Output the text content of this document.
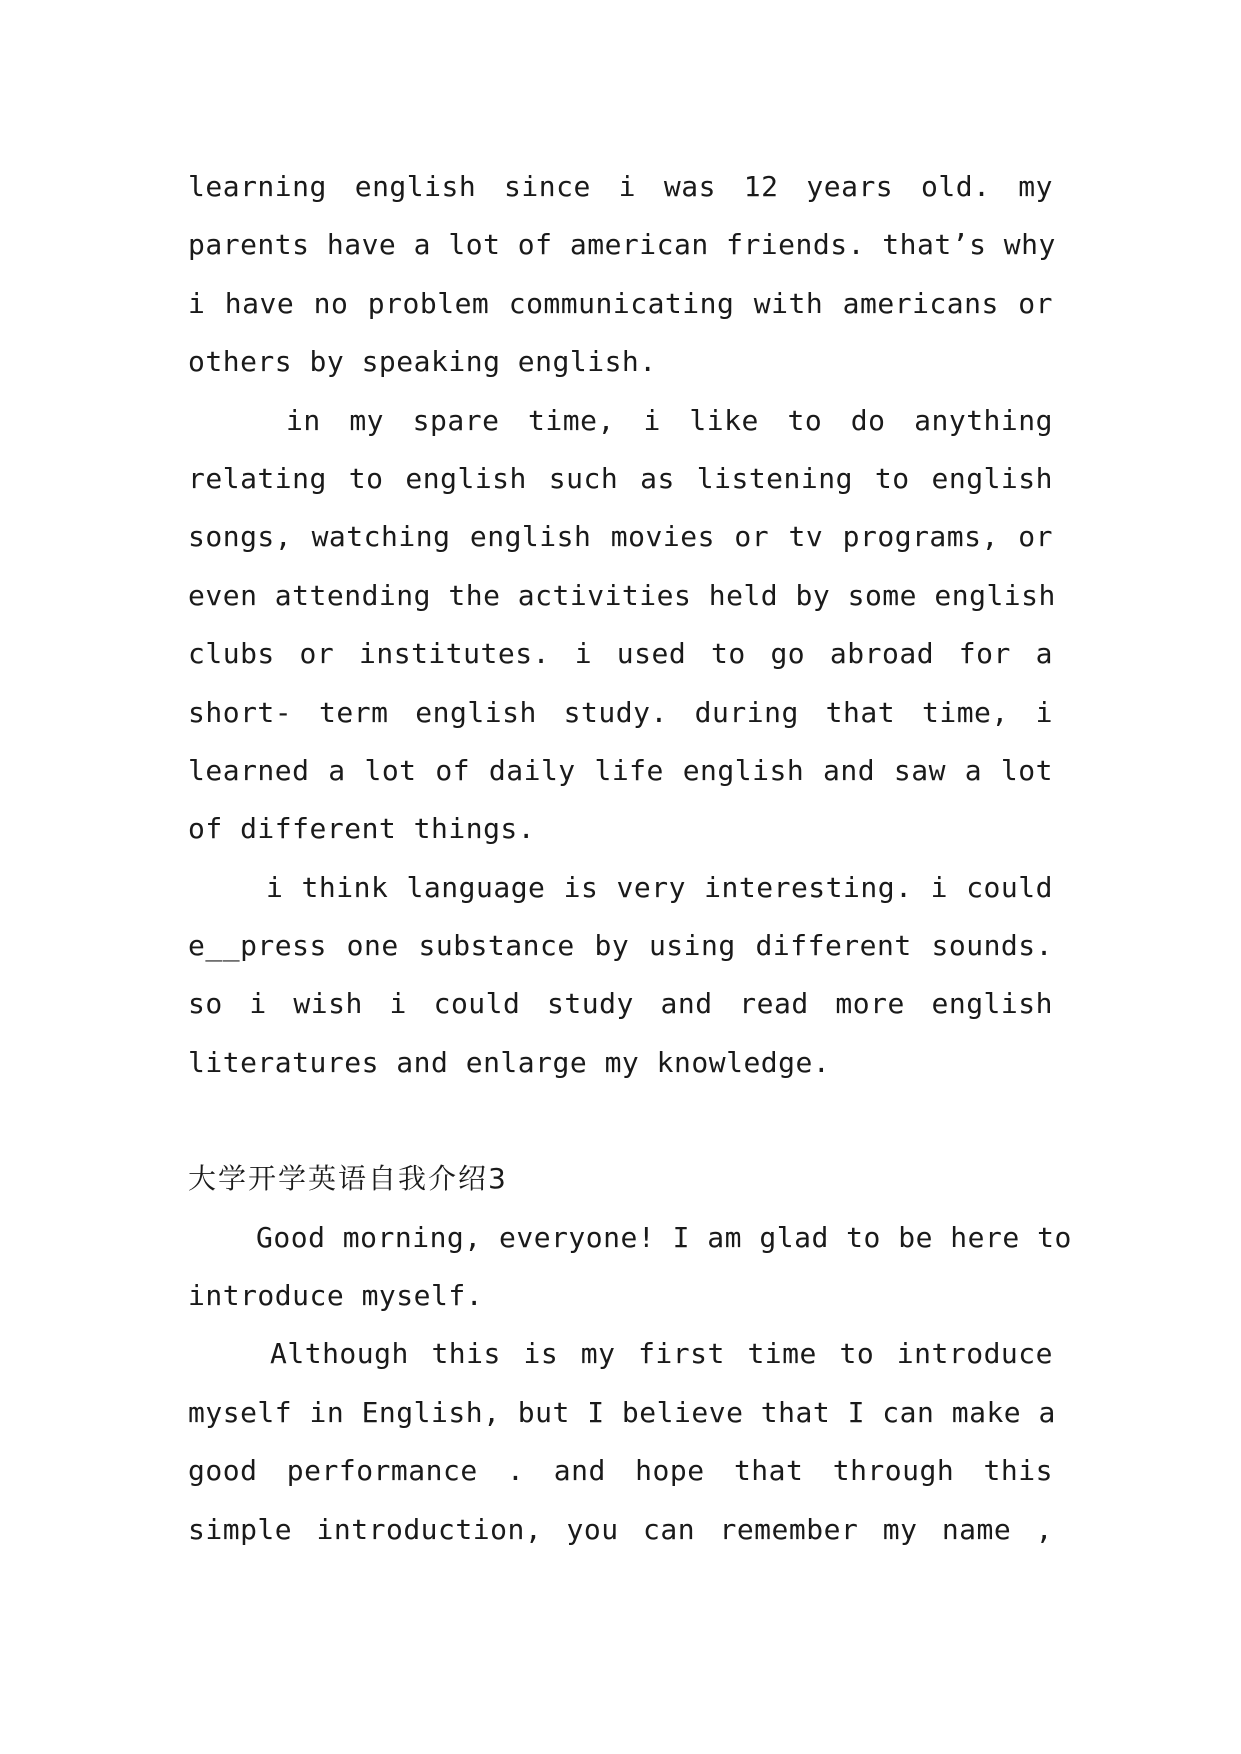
learning english since i was 12 years old. my
parents have a lot of american friends. that’s why
i have no problem communicating with americans or
others by speaking english.
in my spare time, i like to do anything
relating to english such as listening to english
songs, watching english movies or tv programs, or
even attending the activities held by some english
clubs or institutes. i used to go abroad for a
short- term english study. during that time, i
learned a lot of daily life english and saw a lot
of different things.
i think language is very interesting. i could
e__press one substance by using different sounds.
so i wish i could study and read more english
literatures and enlarge my knowledge.
大学开学英语自我介绍3
Good morning, everyone! I am glad to be here to
introduce myself.
Although this is my first time to introduce
myself in English, but I believe that I can make a
good performance . and hope that through this
simple introduction, you can remember my name ,
